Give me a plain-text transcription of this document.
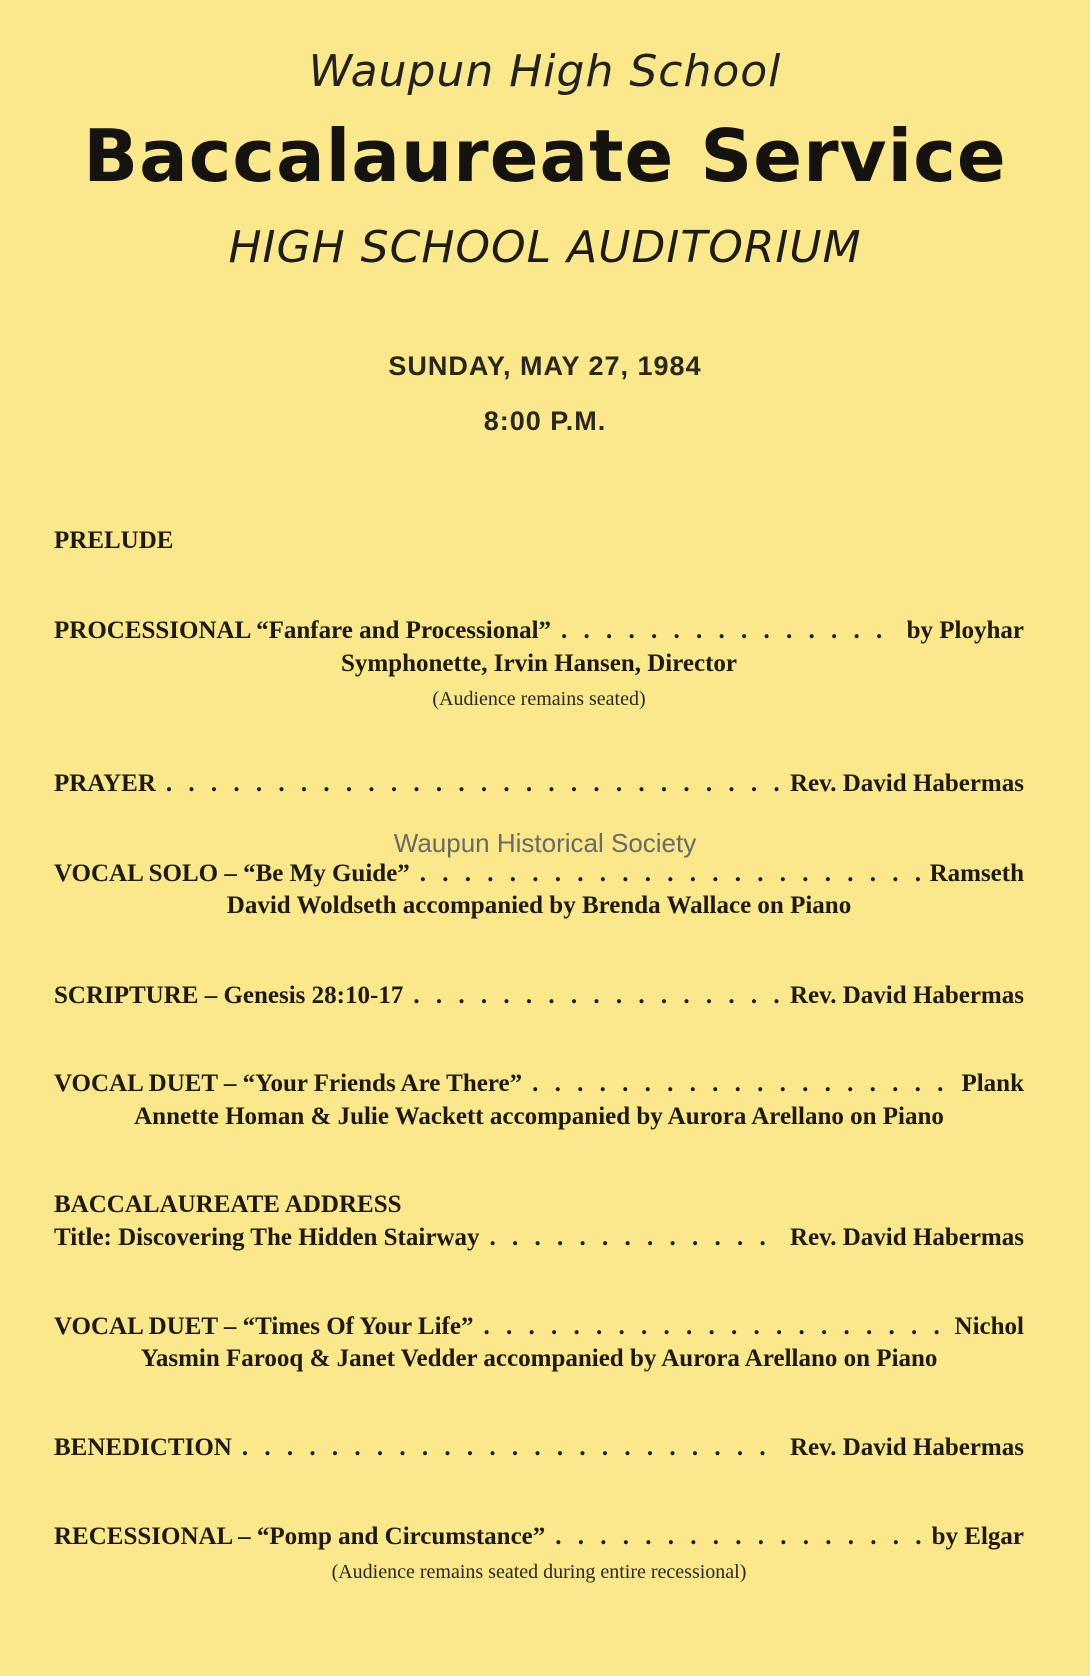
Waupun High School
Baccalaureate Service
HIGH SCHOOL AUDITORIUM
SUNDAY, MAY 27, 1984
8:00 P.M.
PRELUDE
PROCESSIONAL “Fanfare and Processional” . . .	by Ployhar
Symphonette, Irvin Hansen, Director
(Audience remains seated)
PRAYER . . .	Rev. David Habermas
Waupun Historical Society
VOCAL SOLO – “Be My Guide” . . .	Ramseth
David Woldseth accompanied by Brenda Wallace on Piano
SCRIPTURE – Genesis 28:10-17 . . .	Rev. David Habermas
VOCAL DUET – “Your Friends Are There” . . .	Plank
Annette Homan & Julie Wackett accompanied by Aurora Arellano on Piano
BACCALAUREATE ADDRESS
Title: Discovering The Hidden Stairway . . .	Rev. David Habermas
VOCAL DUET – “Times Of Your Life” . . .	Nichol
Yasmin Farooq & Janet Vedder accompanied by Aurora Arellano on Piano
BENEDICTION . . .	Rev. David Habermas
RECESSIONAL – “Pomp and Circumstance” . . .	by Elgar
(Audience remains seated during entire recessional)
